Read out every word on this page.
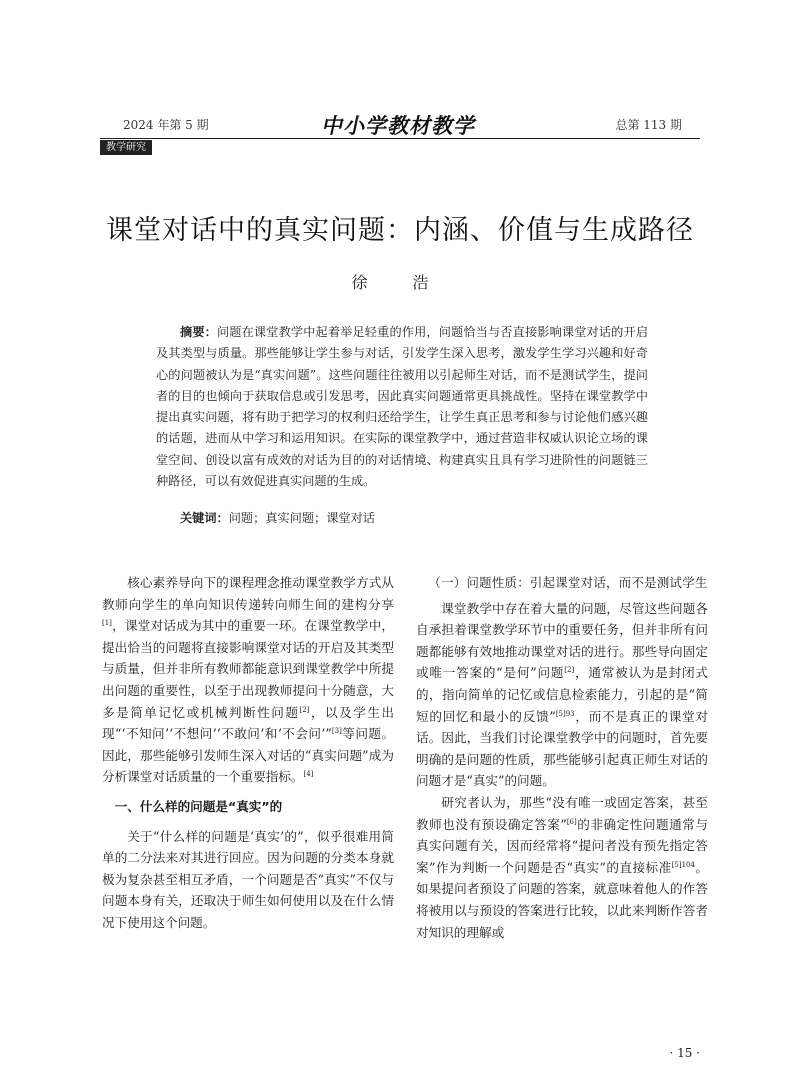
2024 年第 5 期	中小学教材教学	总第 113 期
教学研究
课堂对话中的真实问题：内涵、价值与生成路径
徐 浩
摘要：问题在课堂教学中起着举足轻重的作用，问题恰当与否直接影响课堂对话的开启及其类型与质量。那些能够让学生参与对话，引发学生深入思考，激发学生学习兴趣和好奇心的问题被认为是“真实问题”。这些问题往往被用以引起师生对话，而不是测试学生，提问者的目的也倾向于获取信息或引发思考，因此真实问题通常更具挑战性。坚持在课堂教学中提出真实问题，将有助于把学习的权利归还给学生，让学生真正思考和参与讨论他们感兴趣的话题，进而从中学习和运用知识。在实际的课堂教学中，通过营造非权威认识论立场的课堂空间、创设以富有成效的对话为目的的对话情境、构建真实且具有学习进阶性的问题链三种路径，可以有效促进真实问题的生成。
关键词：问题；真实问题；课堂对话

核心素养导向下的课程理念推动课堂教学方式从教师向学生的单向知识传递转向师生间的建构分享[1]，课堂对话成为其中的重要一环。在课堂教学中，提出恰当的问题将直接影响课堂对话的开启及其类型与质量，但并非所有教师都能意识到课堂教学中所提出问题的重要性，以至于出现教师提问十分随意，大多是简单记忆或机械判断性问题[2]，以及学生出现“‘不知问’‘不想问’‘不敢问’和‘不会问’”[3]等问题。因此，那些能够引发师生深入对话的“真实问题”成为分析课堂对话质量的一个重要指标。[4]

一、什么样的问题是“真实”的

关于“什么样的问题是‘真实’的”，似乎很难用简单的二分法来对其进行回应。因为问题的分类本身就极为复杂甚至相互矛盾，一个问题是否“真实”不仅与问题本身有关，还取决于师生如何使用以及在什么情况下使用这个问题。

（一）问题性质：引起课堂对话，而不是测试学生

课堂教学中存在着大量的问题，尽管这些问题各自承担着课堂教学环节中的重要任务，但并非所有问题都能够有效地推动课堂对话的进行。那些导向固定或唯一答案的“是何”问题[2]，通常被认为是封闭式的，指向简单的记忆或信息检索能力，引起的是“简短的回忆和最小的反馈”$^{[5]93}$，而不是真正的课堂对话。因此，当我们讨论课堂教学中的问题时，首先要明确的是问题的性质，那些能够引起真正师生对话的问题才是“真实”的问题。

研究者认为，那些“没有唯一或固定答案，甚至教师也没有预设确定答案”[6]的非确定性问题通常与真实问题有关，因而经常将“提问者没有预先指定答案”作为判断一个问题是否“真实”的直接标准$^{[5]104}$。如果提问者预设了问题的答案，就意味着他人的作答将被用以与预设的答案进行比较，以此来判断作答者对知识的理解或

· 15 ·
